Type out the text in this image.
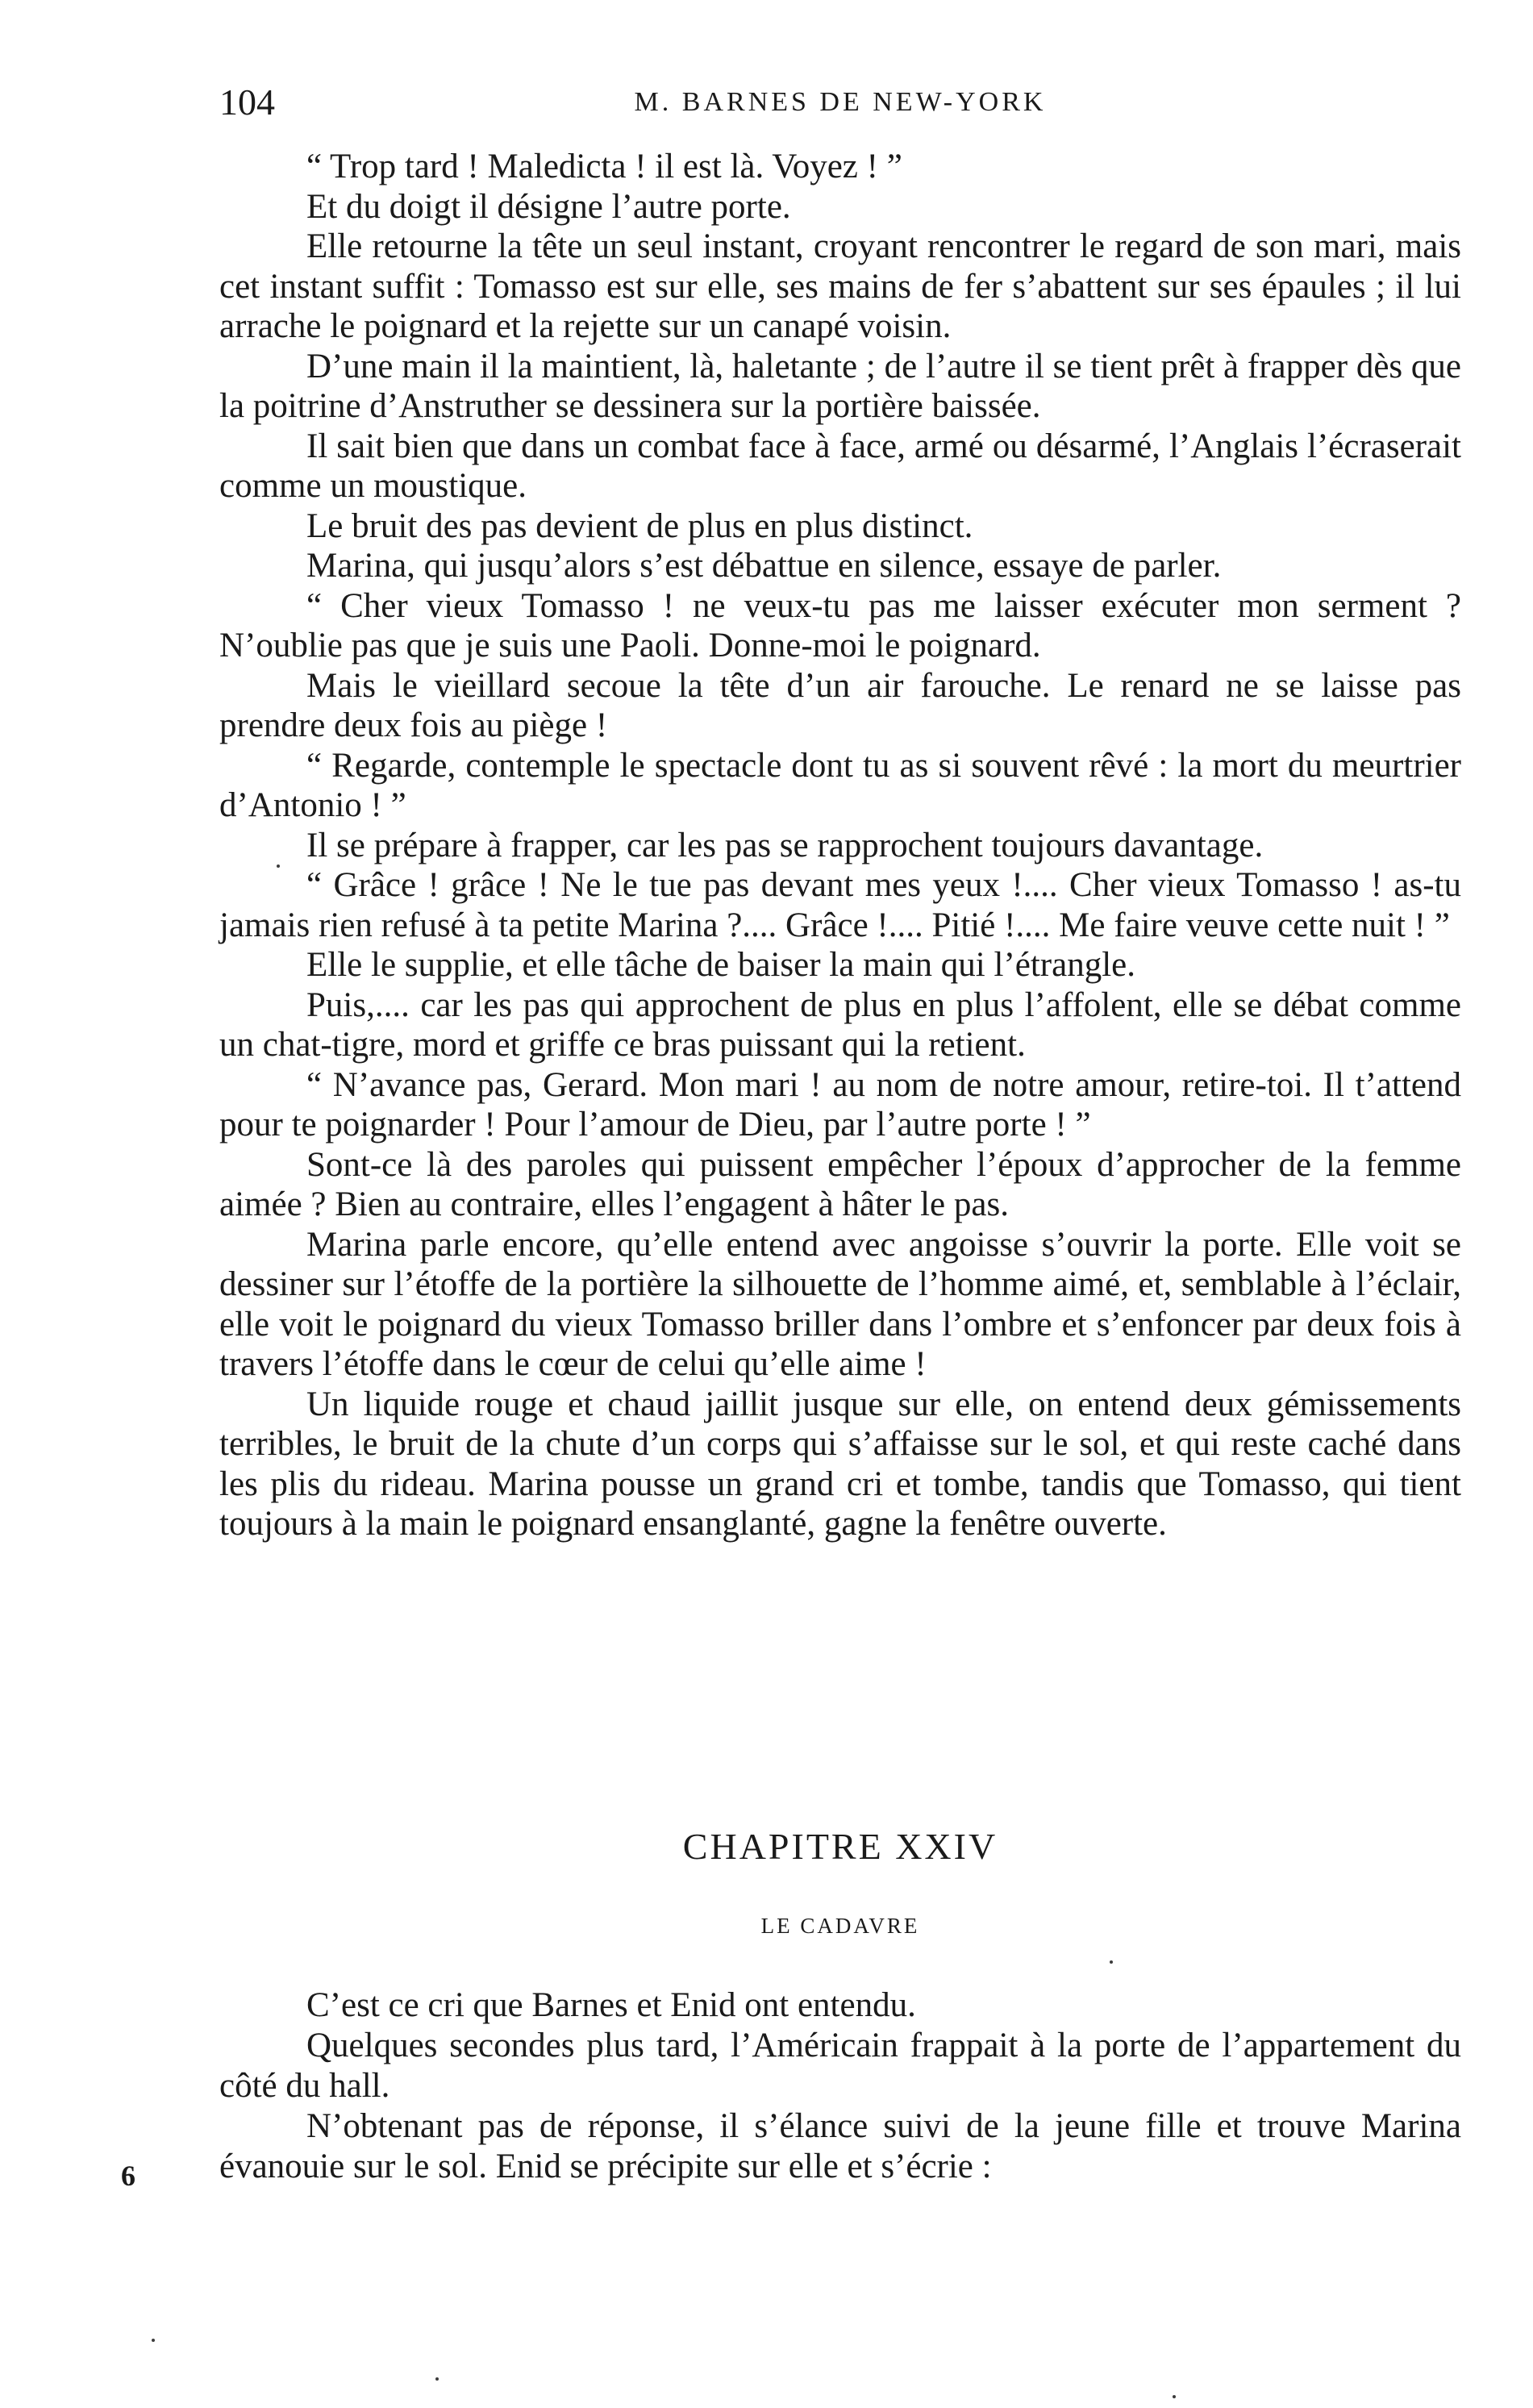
104	M. BARNES DE NEW-YORK

“ Trop tard ! Maledicta ! il est là. Voyez ! ”

Et du doigt il désigne l’autre porte.

Elle retourne la tête un seul instant, croyant rencontrer le regard de son mari, mais cet instant suffit : Tomasso est sur elle, ses mains de fer s’abattent sur ses épaules ; il lui arrache le poignard et la rejette sur un canapé voisin.

D’une main il la maintient, là, haletante ; de l’autre il se tient prêt à frapper dès que la poitrine d’Anstruther se dessinera sur la portière baissée.

Il sait bien que dans un combat face à face, armé ou désarmé, l’Anglais l’écraserait comme un moustique.

Le bruit des pas devient de plus en plus distinct.

Marina, qui jusqu’alors s’est débattue en silence, essaye de parler.

“ Cher vieux Tomasso ! ne veux-tu pas me laisser exécuter mon serment ? N’oublie pas que je suis une Paoli. Donne-moi le poignard.

Mais le vieillard secoue la tête d’un air farouche. Le renard ne se laisse pas prendre deux fois au piège !

“ Regarde, contemple le spectacle dont tu as si souvent rêvé : la mort du meurtrier d’Antonio ! ”

Il se prépare à frapper, car les pas se rapprochent toujours davantage.

“ Grâce ! grâce ! Ne le tue pas devant mes yeux !.... Cher vieux Tomasso ! as-tu jamais rien refusé à ta petite Marina ?.... Grâce !.... Pitié !.... Me faire veuve cette nuit ! ”

Elle le supplie, et elle tâche de baiser la main qui l’étrangle.

Puis,.... car les pas qui approchent de plus en plus l’affolent, elle se débat comme un chat-tigre, mord et griffe ce bras puissant qui la retient.

“ N’avance pas, Gerard. Mon mari ! au nom de notre amour, retire-toi. Il t’attend pour te poignarder ! Pour l’amour de Dieu, par l’autre porte ! ”

Sont-ce là des paroles qui puissent empêcher l’époux d’approcher de la femme aimée ? Bien au contraire, elles l’engagent à hâter le pas.

Marina parle encore, qu’elle entend avec angoisse s’ouvrir la porte. Elle voit se dessiner sur l’étoffe de la portière la silhouette de l’homme aimé, et, semblable à l’éclair, elle voit le poignard du vieux Tomasso briller dans l’ombre et s’enfoncer par deux fois à travers l’étoffe dans le cœur de celui qu’elle aime !

Un liquide rouge et chaud jaillit jusque sur elle, on entend deux gémissements terribles, le bruit de la chute d’un corps qui s’affaisse sur le sol, et qui reste caché dans les plis du rideau. Marina pousse un grand cri et tombe, tandis que Tomasso, qui tient toujours à la main le poignard ensanglanté, gagne la fenêtre ouverte.

CHAPITRE XXIV
LE CADAVRE

C’est ce cri que Barnes et Enid ont entendu.

Quelques secondes plus tard, l’Américain frappait à la porte de l’appartement du côté du hall.

N’obtenant pas de réponse, il s’élance suivi de la jeune fille et trouve Marina évanouie sur le sol. Enid se précipite sur elle et s’écrie :

6
